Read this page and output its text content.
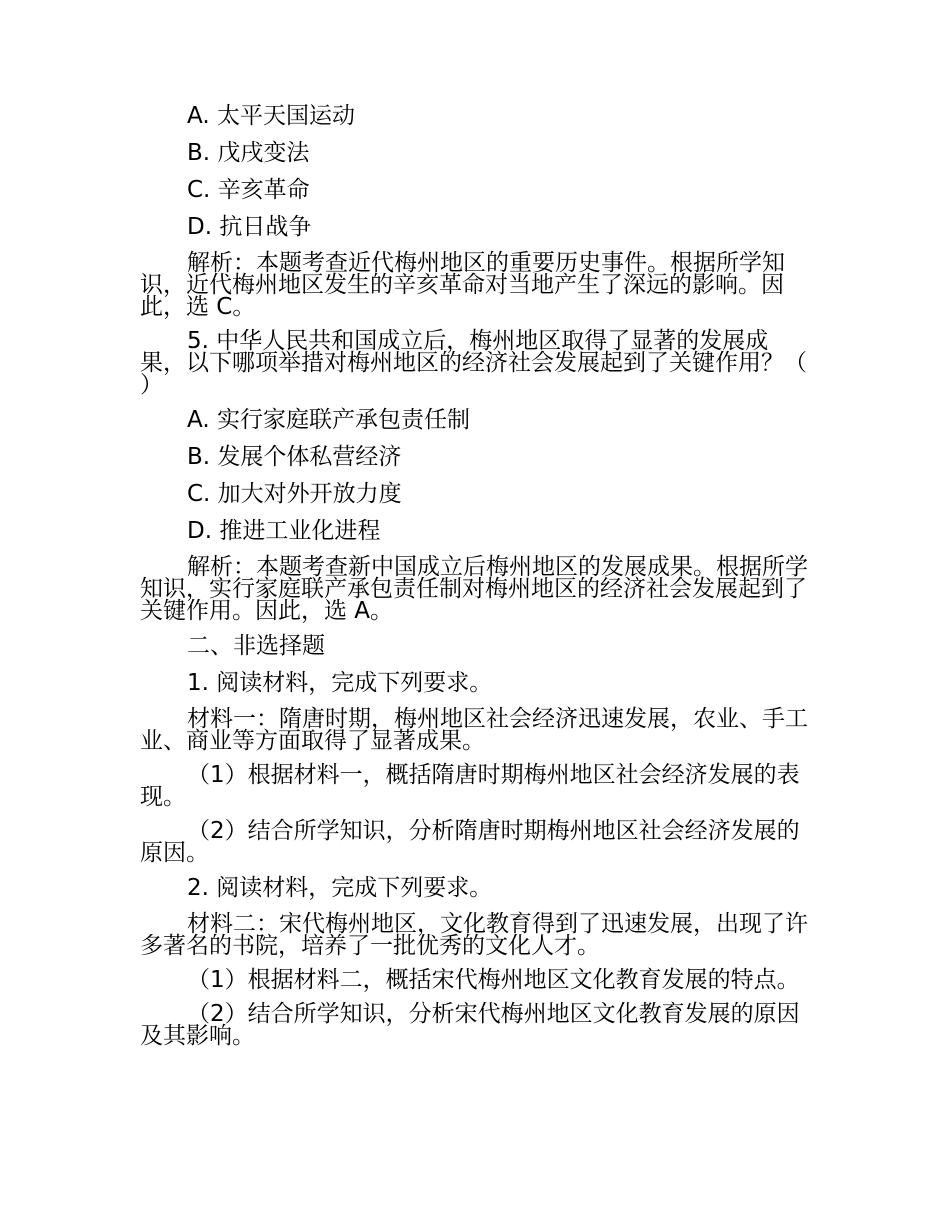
A. 太平天国运动

B. 戊戌变法

C. 辛亥革命

D. 抗日战争

解析：本题考查近代梅州地区的重要历史事件。根据所学知识，近代梅州地区发生的辛亥革命对当地产生了深远的影响。因此，选 C。

5. 中华人民共和国成立后，梅州地区取得了显著的发展成果，以下哪项举措对梅州地区的经济社会发展起到了关键作用？（ ）

A. 实行家庭联产承包责任制

B. 发展个体私营经济

C. 加大对外开放力度

D. 推进工业化进程

解析：本题考查新中国成立后梅州地区的发展成果。根据所学知识，实行家庭联产承包责任制对梅州地区的经济社会发展起到了关键作用。因此，选 A。

二、非选择题

1. 阅读材料，完成下列要求。

材料一：隋唐时期，梅州地区社会经济迅速发展，农业、手工业、商业等方面取得了显著成果。

（1）根据材料一，概括隋唐时期梅州地区社会经济发展的表现。

（2）结合所学知识，分析隋唐时期梅州地区社会经济发展的原因。

2. 阅读材料，完成下列要求。

材料二：宋代梅州地区，文化教育得到了迅速发展，出现了许多著名的书院，培养了一批优秀的文化人才。

（1）根据材料二，概括宋代梅州地区文化教育发展的特点。

（2）结合所学知识，分析宋代梅州地区文化教育发展的原因及其影响。
